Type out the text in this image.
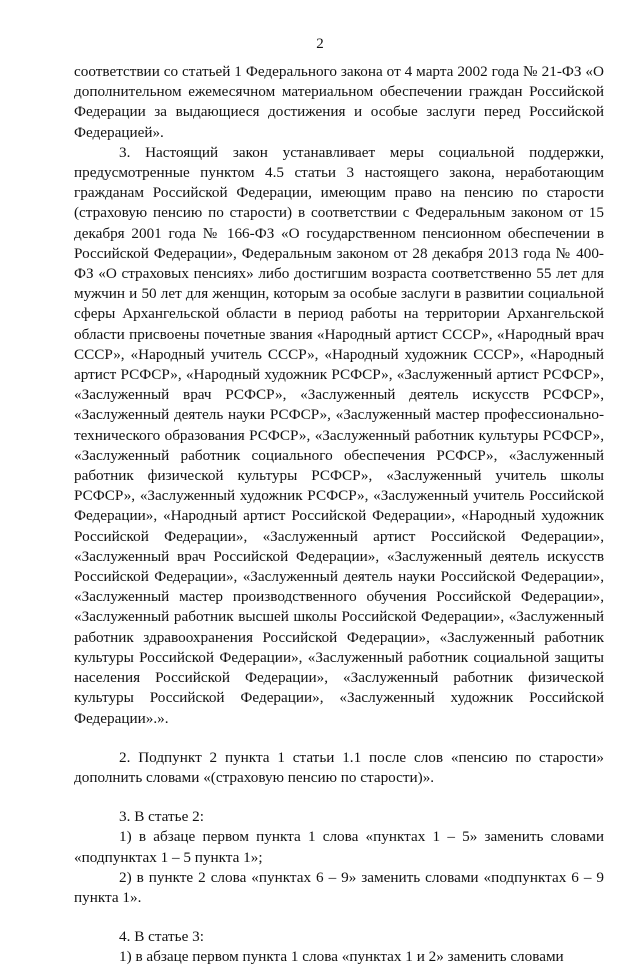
2

соответствии со статьей 1 Федерального закона от 4 марта 2002 года № 21-ФЗ «О дополнительном ежемесячном материальном обеспечении граждан Российской Федерации за выдающиеся достижения и особые заслуги перед Российской Федерацией».

3. Настоящий закон устанавливает меры социальной поддержки, предусмотренные пунктом 4.5 статьи 3 настоящего закона, неработающим гражданам Российской Федерации, имеющим право на пенсию по старости (страховую пенсию по старости) в соответствии с Федеральным законом от 15 декабря 2001 года № 166-ФЗ «О государственном пенсионном обеспечении в Российской Федерации», Федеральным законом от 28 декабря 2013 года № 400-ФЗ «О страховых пенсиях» либо достигшим возраста соответственно 55 лет для мужчин и 50 лет для женщин, которым за особые заслуги в развитии социальной сферы Архангельской области в период работы на территории Архангельской области присвоены почетные звания «Народный артист СССР», «Народный врач СССР», «Народный учитель СССР», «Народный художник СССР», «Народный артист РСФСР», «Народный художник РСФСР», «Заслуженный артист РСФСР», «Заслуженный врач РСФСР», «Заслуженный деятель искусств РСФСР», «Заслуженный деятель науки РСФСР», «Заслуженный мастер профессионально-технического образования РСФСР», «Заслуженный работник культуры РСФСР», «Заслуженный работник социального обеспечения РСФСР», «Заслуженный работник физической культуры РСФСР», «Заслуженный учитель школы РСФСР», «Заслуженный художник РСФСР», «Заслуженный учитель Российской Федерации», «Народный артист Российской Федерации», «Народный художник Российской Федерации», «Заслуженный артист Российской Федерации», «Заслуженный врач Российской Федерации», «Заслуженный деятель искусств Российской Федерации», «Заслуженный деятель науки Российской Федерации», «Заслуженный мастер производственного обучения Российской Федерации», «Заслуженный работник высшей школы Российской Федерации», «Заслуженный работник здравоохранения Российской Федерации», «Заслуженный работник культуры Российской Федерации», «Заслуженный работник социальной защиты населения Российской Федерации», «Заслуженный работник физической культуры Российской Федерации», «Заслуженный художник Российской Федерации».».

2. Подпункт 2 пункта 1 статьи 1.1 после слов «пенсию по старости» дополнить словами «(страховую пенсию по старости)».

3. В статье 2:

1) в абзаце первом пункта 1 слова «пунктах 1 – 5» заменить словами «подпунктах 1 – 5 пункта 1»;

2) в пункте 2 слова «пунктах 6 – 9» заменить словами «подпунктах 6 – 9 пункта 1».

4. В статье 3:

1) в абзаце первом пункта 1 слова «пунктах 1 и 2» заменить словами
